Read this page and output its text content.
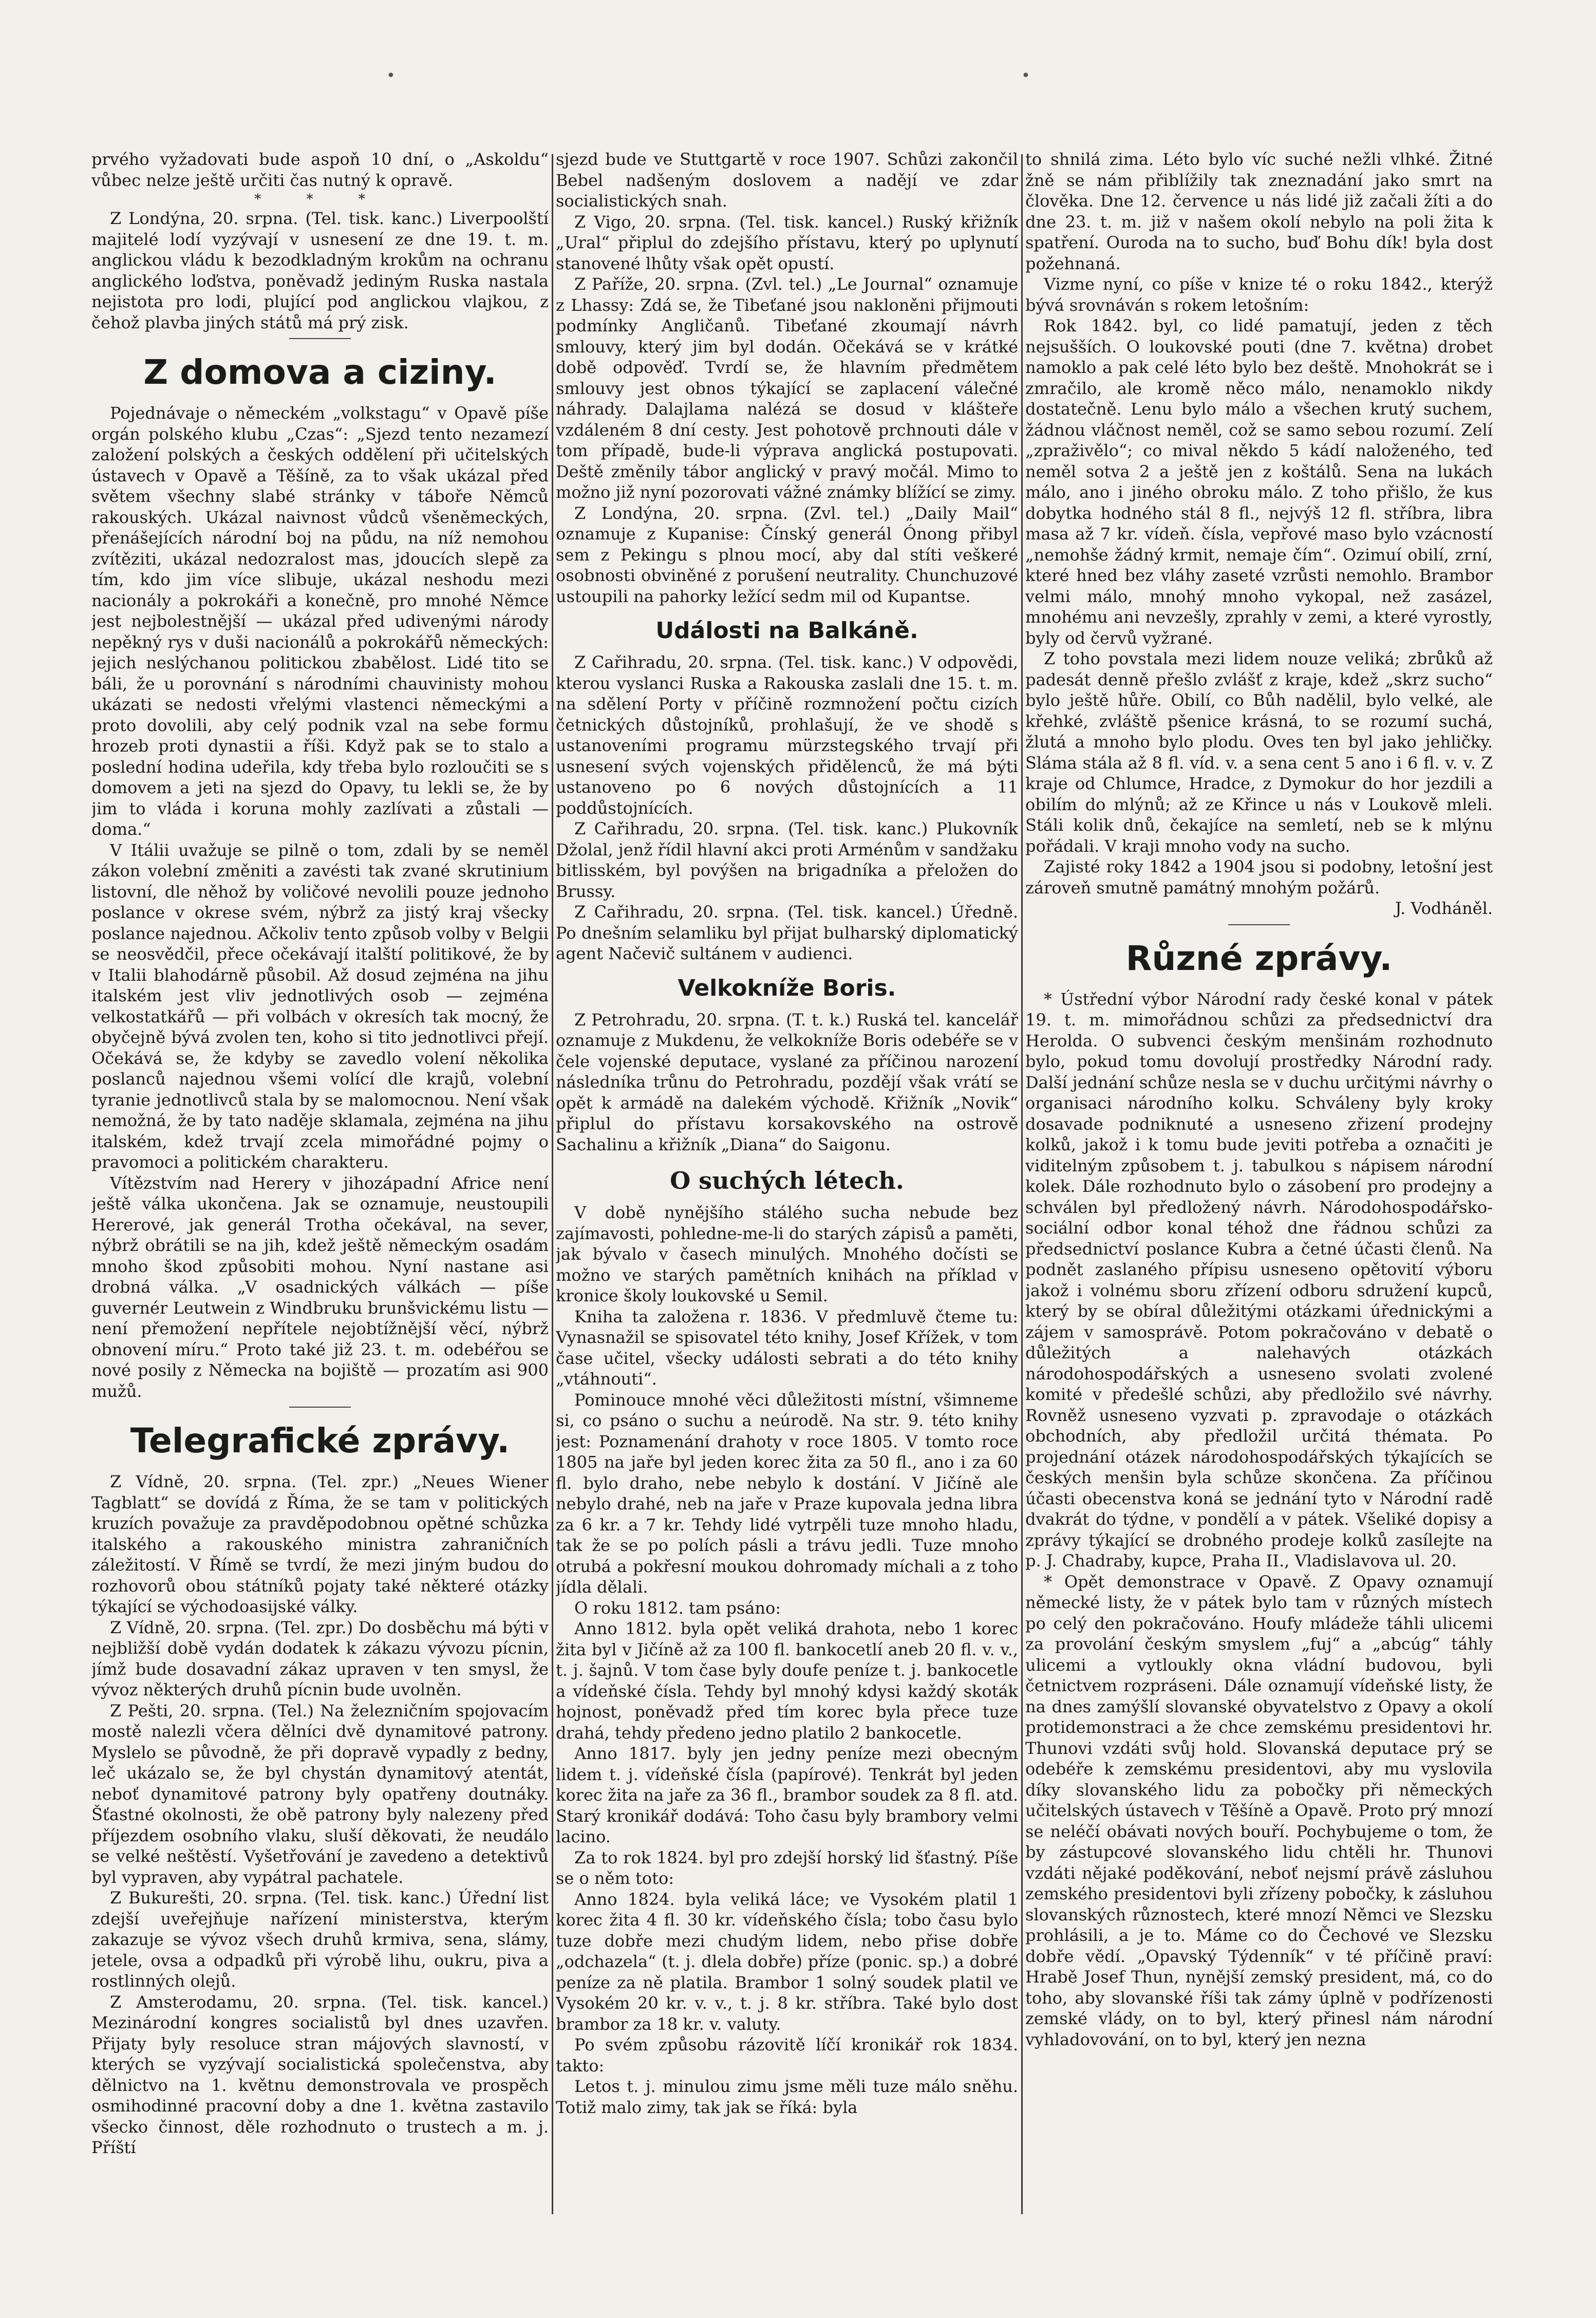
•	•

prvého vyžadovati bude aspoň 10 dní, o „Askoldu“ vůbec nelze ještě určiti čas nutný k opravě.

* * *

Z Londýna, 20. srpna. (Tel. tisk. kanc.) Liverpoolští majitelé lodí vyzývají v usnesení ze dne 19. t. m. anglickou vládu k bezodkladným krokům na ochranu anglického loďstva, poněvadž jediným Ruska nastala nejistota pro lodi, plující pod anglickou vlajkou, z čehož plavba jiných států má prý zisk.

Z domova a ciziny.

Pojednávaje o německém „volkstagu“ v Opavě píše orgán polského klubu „Czas“: „Sjezd tento nezamezí založení polských a českých oddělení při učitelských ústavech v Opavě a Těšíně, za to však ukázal před světem všechny slabé stránky v táboře Němců rakouských. Ukázal naivnost vůdců všeněmeckých, přenášejících národní boj na půdu, na níž nemohou zvítěziti, ukázal nedozralost mas, jdoucích slepě za tím, kdo jim více slibuje, ukázal neshodu mezi nacionály a pokrokáři a konečně, pro mnohé Němce jest nejbolestnější — ukázal před udivenými národy nepěkný rys v duši nacionálů a pokrokářů německých: jejich neslýchanou politickou zbabělost. Lidé tito se báli, že u porovnání s národními chauvinisty mohou ukázati se nedosti vřelými vlastenci německými a proto dovolili, aby celý podnik vzal na sebe formu hrozeb proti dynastii a říši. Když pak se to stalo a poslední hodina udeřila, kdy třeba bylo rozloučiti se s domovem a jeti na sjezd do Opavy, tu lekli se, že by jim to vláda i koruna mohly zazlívati a zůstali — doma.“

V Itálii uvažuje se pilně o tom, zdali by se neměl zákon volební změniti a zavésti tak zvané skrutinium listovní, dle něhož by voličové nevolili pouze jednoho poslance v okrese svém, nýbrž za jistý kraj všecky poslance najednou. Ačkoliv tento způsob volby v Belgii se neosvědčil, přece očekávají italští politikové, že by v Italii blahodárně působil. Až dosud zejména na jihu italském jest vliv jednotlivých osob — zejména velkostatkářů — při volbách v okresích tak mocný, že obyčejně bývá zvolen ten, koho si tito jednotlivci přejí. Očekává se, že kdyby se zavedlo volení několika poslanců najednou všemi volící dle krajů, volební tyranie jednotlivců stala by se malomocnou. Není však nemožná, že by tato naděje sklamala, zejména na jihu italském, kdež trvají zcela mimořádné pojmy o pravomoci a politickém charakteru.

Vítězstvím nad Herery v jihozápadní Africe není ještě válka ukončena. Jak se oznamuje, neustoupili Hererové, jak generál Trotha očekával, na sever, nýbrž obrátili se na jih, kdež ještě německým osadám mnoho škod způsobiti mohou. Nyní nastane asi drobná válka. „V osadnických válkách — píše guvernér Leutwein z Windbruku brunšvickému listu — není přemožení nepřítele nejobtížnější věcí, nýbrž obnovení míru.“ Proto také již 23. t. m. odebéřou se nové posily z Německa na bojiště — prozatím asi 900 mužů.

Telegrafické zprávy.

Z Vídně, 20. srpna. (Tel. zpr.) „Neues Wiener Tagblatt“ se dovídá z Říma, že se tam v politických kruzích považuje za pravděpodobnou opětné schůzka italského a rakouského ministra zahraničních záležitostí. V Římě se tvrdí, že mezi jiným budou do rozhovorů obou státníků pojaty také některé otázky týkající se východoasijské války.

Z Vídně, 20. srpna. (Tel. zpr.) Do dosběchu má býti v nejbližší době vydán dodatek k zákazu vývozu pícnin, jímž bude dosavadní zákaz upraven v ten smysl, že vývoz některých druhů pícnin bude uvolněn.

Z Pešti, 20. srpna. (Tel.) Na železničním spojovacím mostě nalezli včera dělníci dvě dynamitové patrony. Myslelo se původně, že při dopravě vypadly z bedny, leč ukázalo se, že byl chystán dynamitový atentát, neboť dynamitové patrony byly opatřeny doutnáky. Šťastné okolnosti, že obě patrony byly nalezeny před příjezdem osobního vlaku, sluší děkovati, že neudálo se velké neštěstí. Vyšetřování je zavedeno a detektivů byl vypraven, aby vypátral pachatele.

Z Bukurešti, 20. srpna. (Tel. tisk. kanc.) Úřední list zdejší uveřejňuje nařízení ministerstva, kterým zakazuje se vývoz všech druhů krmiva, sena, slámy, jetele, ovsa a odpadků při výrobě lihu, oukru, piva a rostlinných olejů.

Z Amsterodamu, 20. srpna. (Tel. tisk. kancel.) Mezinárodní kongres socialistů byl dnes uzavřen. Přijaty byly resoluce stran májových slavností, v kterých se vyzývají socialistická společenstva, aby dělnictvo na 1. květnu demonstrovala ve prospěch osmihodinné pracovní doby a dne 1. května zastavilo všecko činnost, děle rozhodnuto o trustech a m. j. Příští

sjezd bude ve Stuttgartě v roce 1907. Schůzi zakončil Bebel nadšeným doslovem a nadějí ve zdar socialistických snah.

Z Vigo, 20. srpna. (Tel. tisk. kancel.) Ruský křižník „Ural“ připlul do zdejšího přístavu, který po uplynutí stanovené lhůty však opět opustí.

Z Paříže, 20. srpna. (Zvl. tel.) „Le Journal“ oznamuje z Lhassy: Zdá se, že Tibeťané jsou nakloněni přijmouti podmínky Angličanů. Tibeťané zkoumají návrh smlouvy, který jim byl dodán. Očekává se v krátké době odpověď. Tvrdí se, že hlavním předmětem smlouvy jest obnos týkající se zaplacení válečné náhrady. Dalajlama nalézá se dosud v klášteře vzdáleném 8 dní cesty. Jest pohotově prchnouti dále v tom případě, bude-li výprava anglická postupovati. Deště změnily tábor anglický v pravý močál. Mimo to možno již nyní pozorovati vážné známky blížící se zimy.

Z Londýna, 20. srpna. (Zvl. tel.) „Daily Mail“ oznamuje z Kupanise: Čínský generál Ónong přibyl sem z Pekingu s plnou mocí, aby dal stíti veškeré osobnosti obviněné z porušení neutrality. Chunchuzové ustoupili na pahorky ležící sedm mil od Kupantse.

Události na Balkáně.

Z Cařihradu, 20. srpna. (Tel. tisk. kanc.) V odpovědi, kterou vyslanci Ruska a Rakouska zaslali dne 15. t. m. na sdělení Porty v příčině rozmnožení počtu cizích četnických důstojníků, prohlašují, že ve shodě s ustanoveními programu mürzstegského trvají při usnesení svých vojenských přidělenců, že má býti ustanoveno po 6 nových důstojnících a 11 poddůstojnících.

Z Cařihradu, 20. srpna. (Tel. tisk. kanc.) Plukovník Džolal, jenž řídil hlavní akci proti Arménům v sandžaku bitlisském, byl povýšen na brigadníka a přeložen do Brussy.

Z Cařihradu, 20. srpna. (Tel. tisk. kancel.) Úředně. Po dnešním selamliku byl přijat bulharský diplomatický agent Načevič sultánem v audienci.

Velkokníže Boris.

Z Petrohradu, 20. srpna. (T. t. k.) Ruská tel. kancelář oznamuje z Mukdenu, že velkokníže Boris odebéře se v čele vojenské deputace, vyslané za příčinou narození následníka trůnu do Petrohradu, pozdějí však vrátí se opět k armádě na dalekém východě. Křižník „Novik“ připlul do přístavu korsakovského na ostrově Sachalinu a křižník „Diana“ do Saigonu.

O suchých létech.

V době nynějšího stálého sucha nebude bez zajímavosti, pohledne-me-li do starých zápisů a paměti, jak bývalo v časech minulých. Mnohého dočísti se možno ve starých pamětních knihách na příklad v kronice školy loukovské u Semil.

Kniha ta založena r. 1836. V předmluvě čteme tu: Vynasnažil se spisovatel této knihy, Josef Křížek, v tom čase učitel, všecky události sebrati a do této knihy „vtáhnouti“.

Pominouce mnohé věci důležitosti místní, všimneme si, co psáno o suchu a neúrodě. Na str. 9. této knihy jest: Poznamenání drahoty v roce 1805. V tomto roce 1805 na jaře byl jeden korec žita za 50 fl., ano i za 60 fl. bylo draho, nebe nebylo k dostání. V Jičíně ale nebylo drahé, neb na jaře v Praze kupovala jedna libra za 6 kr. a 7 kr. Tehdy lidé vytrpěli tuze mnoho hladu, tak že se po polích pásli a trávu jedli. Tuze mnoho otrubá a pokřesní moukou dohromady míchali a z toho jídla dělali.

O roku 1812. tam psáno:

Anno 1812. byla opět veliká drahota, nebo 1 korec žita byl v Jičíně až za 100 fl. bankocetlí aneb 20 fl. v. v., t. j. šajnů. V tom čase byly doufe peníze t. j. bankocetle a vídeňské čísla. Tehdy byl mnohý kdysi každý skoták hojnost, poněvadž před tím korec byla přece tuze drahá, tehdy předeno jedno platilo 2 bankocetle.

Anno 1817. byly jen jedny peníze mezi obecným lidem t. j. vídeňské čísla (papírové). Tenkrát byl jeden korec žita na jaře za 36 fl., brambor soudek za 8 fl. atd. Starý kronikář dodává: Toho času byly brambory velmi lacino.

Za to rok 1824. byl pro zdejší horský lid šťastný. Píše se o něm toto:

Anno 1824. byla veliká lácе; ve Vysokém platil 1 korec žita 4 fl. 30 kr. vídeňského čísla; tobo času bylo tuze dobře mezi chudým lidem, nebo přise dobře „odchazela“ (t. j. dlela dobře) příze (ponic. sp.) a dobré peníze za ně platila. Brambor 1 solný soudek platil ve Vysokém 20 kr. v. v., t. j. 8 kr. stříbra. Také bylo dost brambor za 18 kr. v. valuty.

Po svém způsobu rázovitě líčí kronikář rok 1834. takto:

Letos t. j. minulou zimu jsme měli tuze málo sněhu. Totiž malo zimy, tak jak se říká: byla

to shnilá zima. Léto bylo víc suché nežli vlhké. Žitné žně se nám přiblížily tak zneznadání jako smrt na člověka. Dne 12. července u nás lidé již začali žíti a do dne 23. t. m. již v našem okolí nebylo na poli žita k spatření. Ouroda na to sucho, buď Bohu dík! byla dost požehnaná.

Vizme nyní, co píše v knize té o roku 1842., kterýž bývá srovnáván s rokem letošním:

Rok 1842. byl, co lidé pamatují, jeden z těch nejsušších. O loukovské pouti (dne 7. května) drobet namoklo a pak celé léto bylo bez deště. Mnohokrát se i zmračilo, ale kromě něco málo, nenamoklo nikdy dostatečně. Lenu bylo málo a všechen krutý suchem, žádnou vláčnost neměl, což se samo sebou rozumí. Zelí „zpraživělo“; co mival někdo 5 kádí naloženého, teď neměl sotva 2 a ještě jen z koštálů. Sena na lukách málo, ano i jiného obroku málo. Z toho přišlo, že kus dobytka hodného stál 8 fl., nejvýš 12 fl. stříbra, libra masa až 7 kr. vídeň. čísla, vepřové maso bylo vzácností „nemohše žádný krmit, nemaje čím“. Ozimuí obilí, zrní, které hned bez vláhy zaseté vzrůsti nemohlo. Brambor velmi málo, mnohý mnoho vykopal, než zasázel, mnohému ani nevzešly, zprahly v zemi, a které vyrostly, byly od červů vyžrané.

Z toho povstala mezi lidem nouze veliká; zbrůků až padesát denně přešlo zvlášť z kraje, kdež „skrz sucho“ bylo ještě hůře. Obilí, co Bůh nadělil, bylo velké, ale křehké, zvláště pšenice krásná, to se rozumí suchá, žlutá a mnoho bylo plodu. Oves ten byl jako jehličky. Sláma stála až 8 fl. víd. v. a sena cent 5 ano i 6 fl. v. v. Z kraje od Chlumce, Hradce, z Dymokur do hor jezdili a obilím do mlýnů; až ze Křince u nás v Loukově mleli. Stáli kolik dnů, čekajíce na semletí, neb se k mlýnu pořádali. V kraji mnoho vody na sucho.

Zajisté roky 1842 a 1904 jsou si podobny, letošní jest zároveň smutně památný mnohým požárů.

J. Vodháněl.

Různé zprávy.

* Ústřední výbor Národní rady české konal v pátek 19. t. m. mimořádnou schůzi za předsednictví dra Heroldа. O subvenci českým menšinám rozhodnuto bylo, pokud tomu dovolují prostředky Národní rady. Další jednání schůze nesla se v duchu určitými návrhy o organisaci národního kolku. Schváleny byly kroky dosavade podniknuté a usneseno zřizení prodejny kolků, jakož i k tomu bude jeviti potřeba a označiti je viditelným způsobem t. j. tabulkou s nápisem národní kolek. Dále rozhodnuto bylo o zásobení pro prodejny a schválen byl předložený návrh. Národohospodářsko-sociální odbor konal téhož dne řádnou schůzi za předsednictví poslance Kubra a četné účasti členů. Na podnět zaslaného přípisu usneseno opětovití výboru jakož i volnému sboru zřízení odboru sdružení kupců, který by se obíral důležitými otázkami úřednickými a zájem v samosprávě. Potom pokračováno v debatě o důležitých a nalehavých otázkách národohospodářských a usneseno svolati zvolené komité v předešlé schůzi, aby předložilo své návrhy. Rovněž usneseno vyzvati p. zpravodaje o otázkách obchodních, aby předložil určitá thémata. Po projednání otázek národohospodářských týkajících se českých menšin byla schůze skončena. Za příčinou účasti obecenstva koná se jednání tyto v Národní radě dvakrát do týdne, v pondělí a v pátek. Všeliké dopisy a zprávy týkající se drobného prodeje kolků zasílejte na p. J. Chadraby, kupce, Praha II., Vladislavova ul. 20.

* Opět demonstrace v Opavě. Z Opavy oznamují německé listy, že v pátek bylo tam v různých místech po celý den pokračováno. Houfy mládeže táhli ulicemi za provolání českým smyslem „fuj“ a „abcúg“ táhly ulicemi a vytloukly okna vládní budovou, byli četnictvem rozpráseni. Dále oznamují vídeňské listy, že na dnes zamýšlí slovanské obyvatelstvo z Opavy a okolí protidemonstraci a že chce zemskému presidentovi hr. Thunovi vzdáti svůj hold. Slovanská deputace prý se odebéře k zemskému presidentovi, aby mu vyslovila díky slovanského lidu za pobočky při německých učitelských ústavech v Těšíně a Opavě. Proto prý mnozí se neléčí obávati nových bouří. Pochybujeme o tom, že by zástupcové slovanského lidu chtěli hr. Thunovi vzdáti nějaké poděkování, neboť nejsmí právě zásluhou zemského presidentovi byli zřízeny pobočky, k zásluhou slovanských různostech, které mnozí Němci ve Slezsku prohlásili, a je to. Máme co do Čechové ve Slezsku dobře vědí. „Opavský Týdenník“ v té příčině praví: Hrabě Josef Thun, nynější zemský president, má, co do toho, aby slovanské říši tak zámy úplně v podřízenosti zemské vlády, on to byl, který přinesl nám národní vyhladovování, on to byl, který jen nezna
